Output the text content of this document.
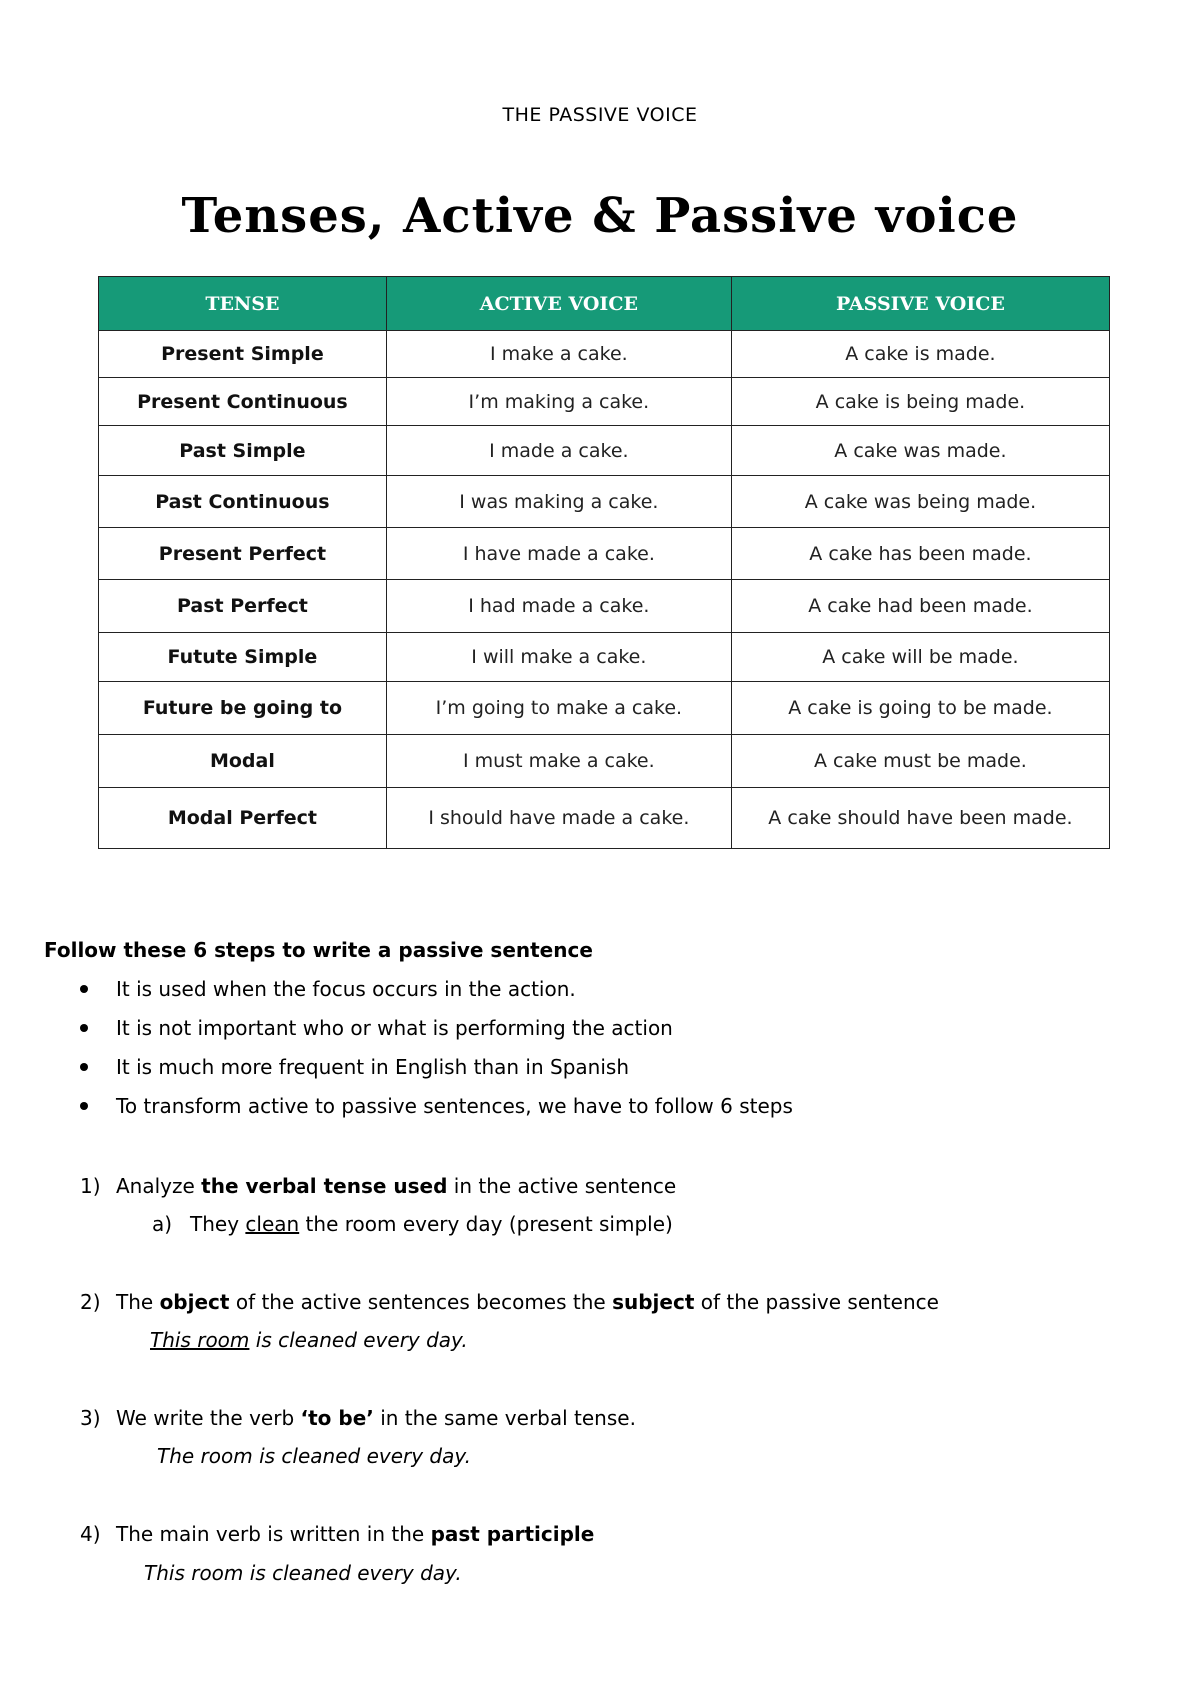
THE PASSIVE VOICE
Tenses, Active & Passive voice
TENSE	ACTIVE VOICE	PASSIVE VOICE
Present Simple	I make a cake.	A cake is made.
Present Continuous	I’m making a cake.	A cake is being made.
Past Simple	I made a cake.	A cake was made.
Past Continuous	I was making a cake.	A cake was being made.
Present Perfect	I have made a cake.	A cake has been made.
Past Perfect	I had made a cake.	A cake had been made.
Futute Simple	I will make a cake.	A cake will be made.
Future be going to	I’m going to make a cake.	A cake is going to be made.
Modal	I must make a cake.	A cake must be made.
Modal Perfect	I should have made a cake.	A cake should have been made.
Follow these 6 steps to write a passive sentence
It is used when the focus occurs in the action.
It is not important who or what is performing the action
It is much more frequent in English than in Spanish
To transform active to passive sentences, we have to follow 6 steps
1) Analyze the verbal tense used in the active sentence
a) They clean the room every day (present simple)
2) The object of the active sentences becomes the subject of the passive sentence
This room is cleaned every day.
3) We write the verb ‘to be’ in the same verbal tense.
The room is cleaned every day.
4) The main verb is written in the past participle
This room is cleaned every day.
